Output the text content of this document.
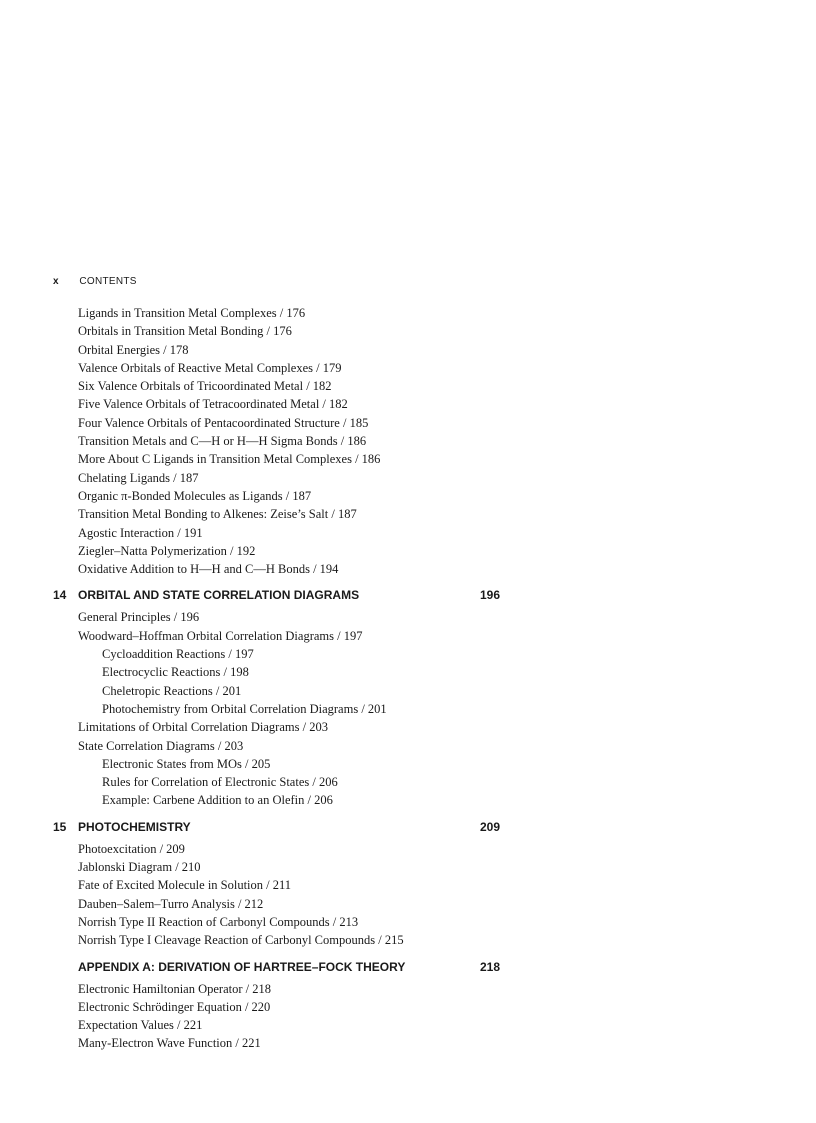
x CONTENTS
Ligands in Transition Metal Complexes / 176
Orbitals in Transition Metal Bonding / 176
Orbital Energies / 178
Valence Orbitals of Reactive Metal Complexes / 179
Six Valence Orbitals of Tricoordinated Metal / 182
Five Valence Orbitals of Tetracoordinated Metal / 182
Four Valence Orbitals of Pentacoordinated Structure / 185
Transition Metals and C—H or H—H Sigma Bonds / 186
More About C Ligands in Transition Metal Complexes / 186
Chelating Ligands / 187
Organic π-Bonded Molecules as Ligands / 187
Transition Metal Bonding to Alkenes: Zeise’s Salt / 187
Agostic Interaction / 191
Ziegler–Natta Polymerization / 192
Oxidative Addition to H—H and C—H Bonds / 194
14 ORBITAL AND STATE CORRELATION DIAGRAMS	196
General Principles / 196
Woodward–Hoffman Orbital Correlation Diagrams / 197
Cycloaddition Reactions / 197
Electrocyclic Reactions / 198
Cheletropic Reactions / 201
Photochemistry from Orbital Correlation Diagrams / 201
Limitations of Orbital Correlation Diagrams / 203
State Correlation Diagrams / 203
Electronic States from MOs / 205
Rules for Correlation of Electronic States / 206
Example: Carbene Addition to an Olefin / 206
15 PHOTOCHEMISTRY	209
Photoexcitation / 209
Jablonski Diagram / 210
Fate of Excited Molecule in Solution / 211
Dauben–Salem–Turro Analysis / 212
Norrish Type II Reaction of Carbonyl Compounds / 213
Norrish Type I Cleavage Reaction of Carbonyl Compounds / 215
APPENDIX A: DERIVATION OF HARTREE–FOCK THEORY	218
Electronic Hamiltonian Operator / 218
Electronic Schrödinger Equation / 220
Expectation Values / 221
Many-Electron Wave Function / 221
